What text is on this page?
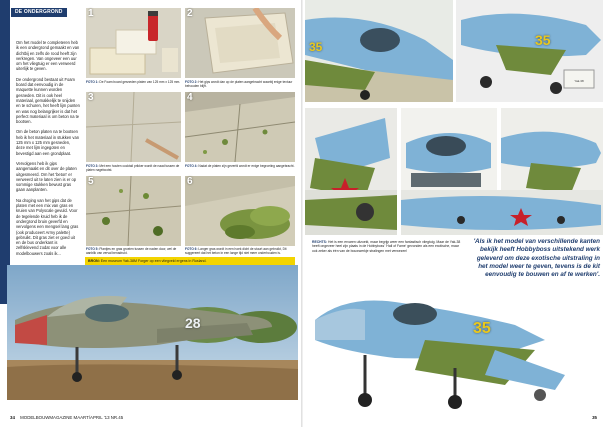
DE ONDERGROND

Om het model te completeren heb ik een ondergrond gemaakt en van dichtbij en zelfs de rood heeft zijn verkregen. Van ongeveer een uur om het vliegtuig er een verweerd uiterlijk te geven.

De ondergrond bestaat uit Foam board dat eenvoudig in de maquette kunnen worden gesneden. Dit is ook heel materiaal, gemakkelijk te snijden en te schuren, het heeft lijm punten en was nog belangrijker is dat het perfect materiaal is om beton na te bootsen.

Om de beton platen na te bootsen heb ik het materiaal in stukken van 125 mm x 125 mm gesneden, deze met lijm ingegoten en bevestigd aan een grondplaat.

Vervolgens heb ik gips aangemaakt en dit over de platen uitgesmeerd. Om het 'beton' er verweerd uit te laten zien is er op sommige stukken bewust gras gaan aanplanten.

Na droging van het gips dat de platen met een mix van gras en kruien van Polyscale gevuld. Voor de tegelende kruid heb ik de ondergrond bruin geverfd en vervolgens een mengsel lang gras (ook produceert Army palette) gebruikt. Dit gras ziet er goed uit en de bus onderkant is zelfsklevend zodat voor alle modelbouwers zoals ik...

1
FOTO 1: De Foam board gesneden platen van 125 mm x 125 mm.
2
FOTO 2: Het gips wordt dan op de platen aangebracht waarbij enige textuur behouden blijft.
3
FOTO 3: Met een houten cocktail prikker wordt de naad tussen de platen nagebootst.
4
FOTO 4: Nadat de platen zijn geverfd wordt er enige begroeiing aangebracht.
5
FOTO 5: Plantjes en gras groeien tussen de naden door, wel de aanblik van verval benadrukt.
6
FOTO 6: Langer gras wordt in een hoek dicht de stuurt aan gebruikt, Dit suggereert dat het beton in een lange tijd niet meer onderhouden is.
BRON: Een museum Yak-38M Forger op een vliegveld ergens in Rusland.
28
34 MODELBOUWMAGAZINE MAART/APRIL '13 NR.45
35	35
Yak-38
35
35
RECHTS: Het is een ervaren uitzoekt, maar begrijp weer een fantastisch vliegtuig. Maar de Yak-38 heeft ongeveer heel zijn plaats in de Hobbyboss' 'Hall of Fame' gevonden als een exotische, maar ook zeker als één van de bouwwerkje stralingen met verwezen!
'Als ik het model van verschillende kanten bekijk heeft Hobbyboss uitstekend werk geleverd om deze exotische uitstraling in het model weer te geven, tevens is de kit eenvoudig te bouwen en af te werken'.
